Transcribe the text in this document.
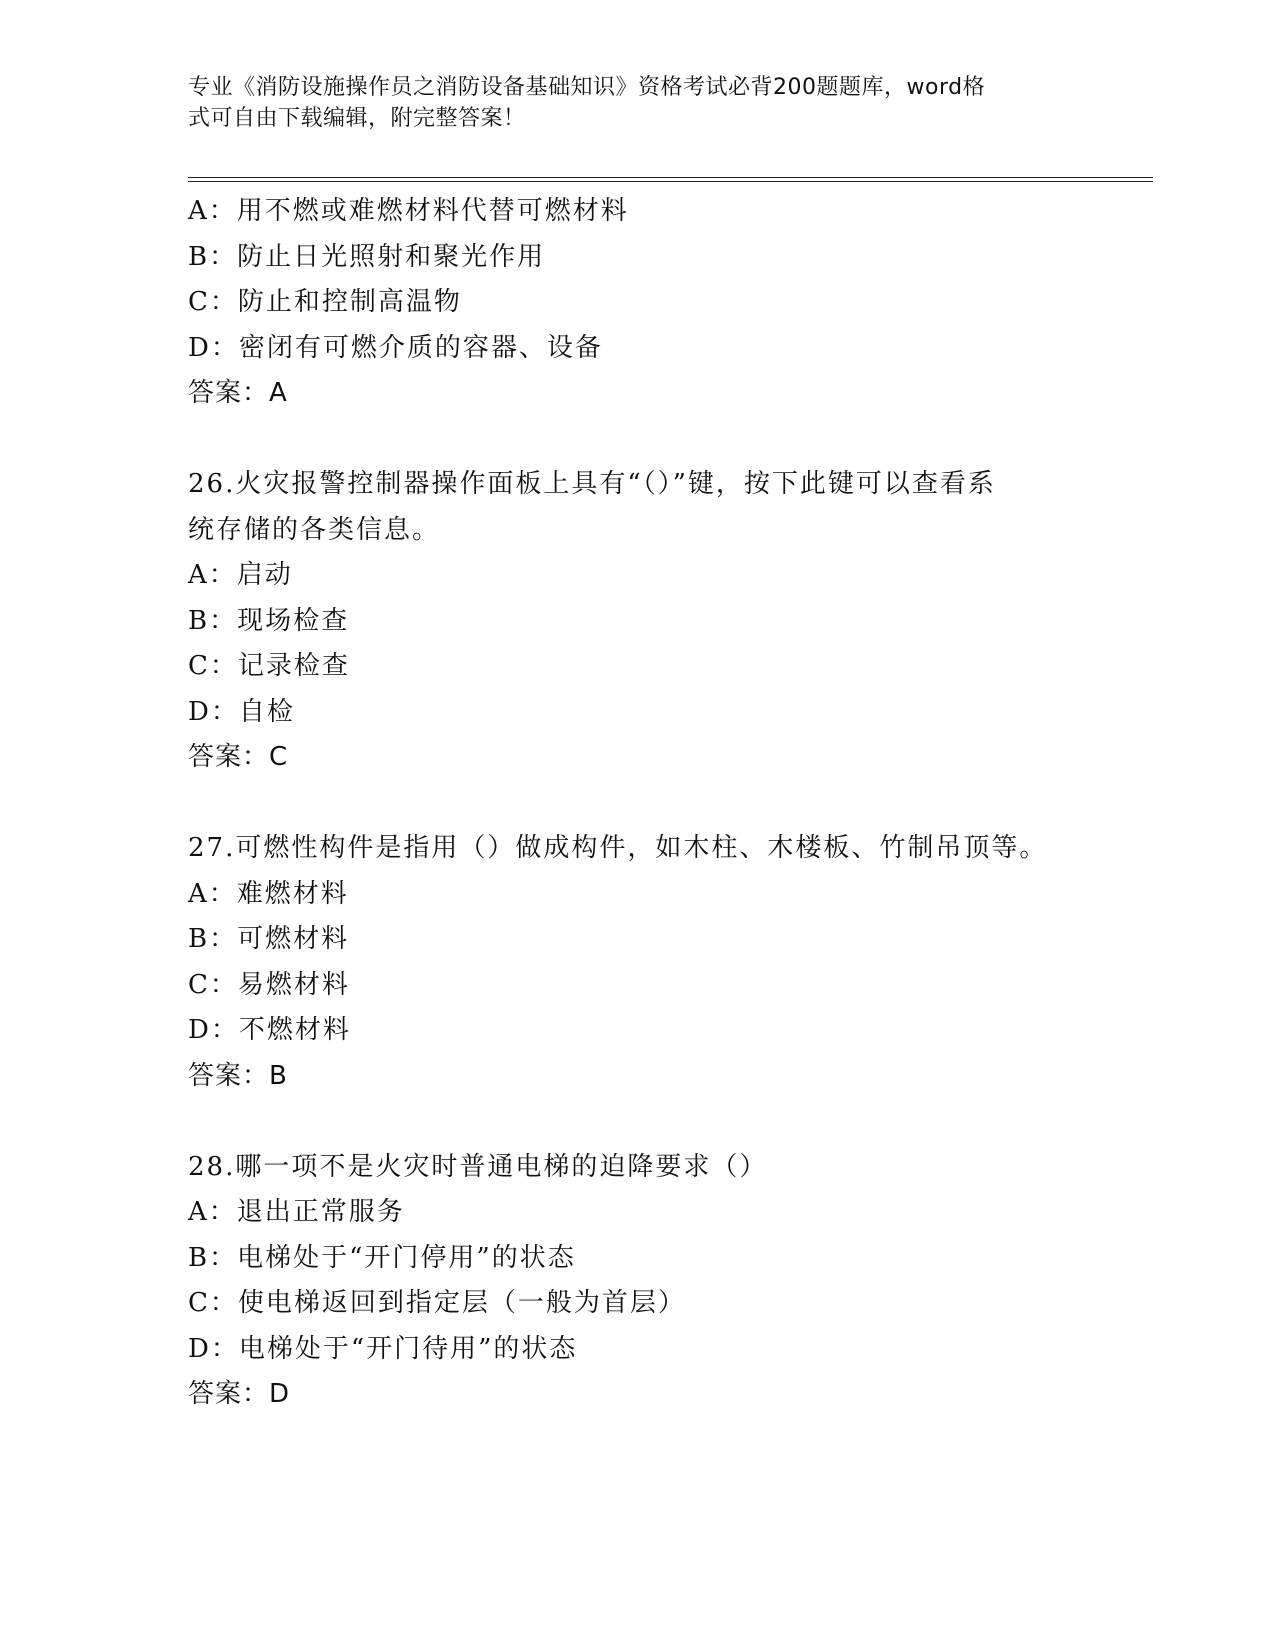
专业《消防设施操作员之消防设备基础知识》资格考试必背200题题库，word格
式可自由下载编辑，附完整答案！
A：用不燃或难燃材料代替可燃材料
B：防止日光照射和聚光作用
C：防止和控制高温物
D：密闭有可燃介质的容器、设备
答案：A
26.火灾报警控制器操作面板上具有“（）”键，按下此键可以查看系
统存储的各类信息。
A：启动
B：现场检查
C：记录检查
D：自检
答案：C
27.可燃性构件是指用（）做成构件，如木柱、木楼板、竹制吊顶等。
A：难燃材料
B：可燃材料
C：易燃材料
D：不燃材料
答案：B
28.哪一项不是火灾时普通电梯的迫降要求（）
A：退出正常服务
B：电梯处于“开门停用”的状态
C：使电梯返回到指定层（一般为首层）
D：电梯处于“开门待用”的状态
答案：D
